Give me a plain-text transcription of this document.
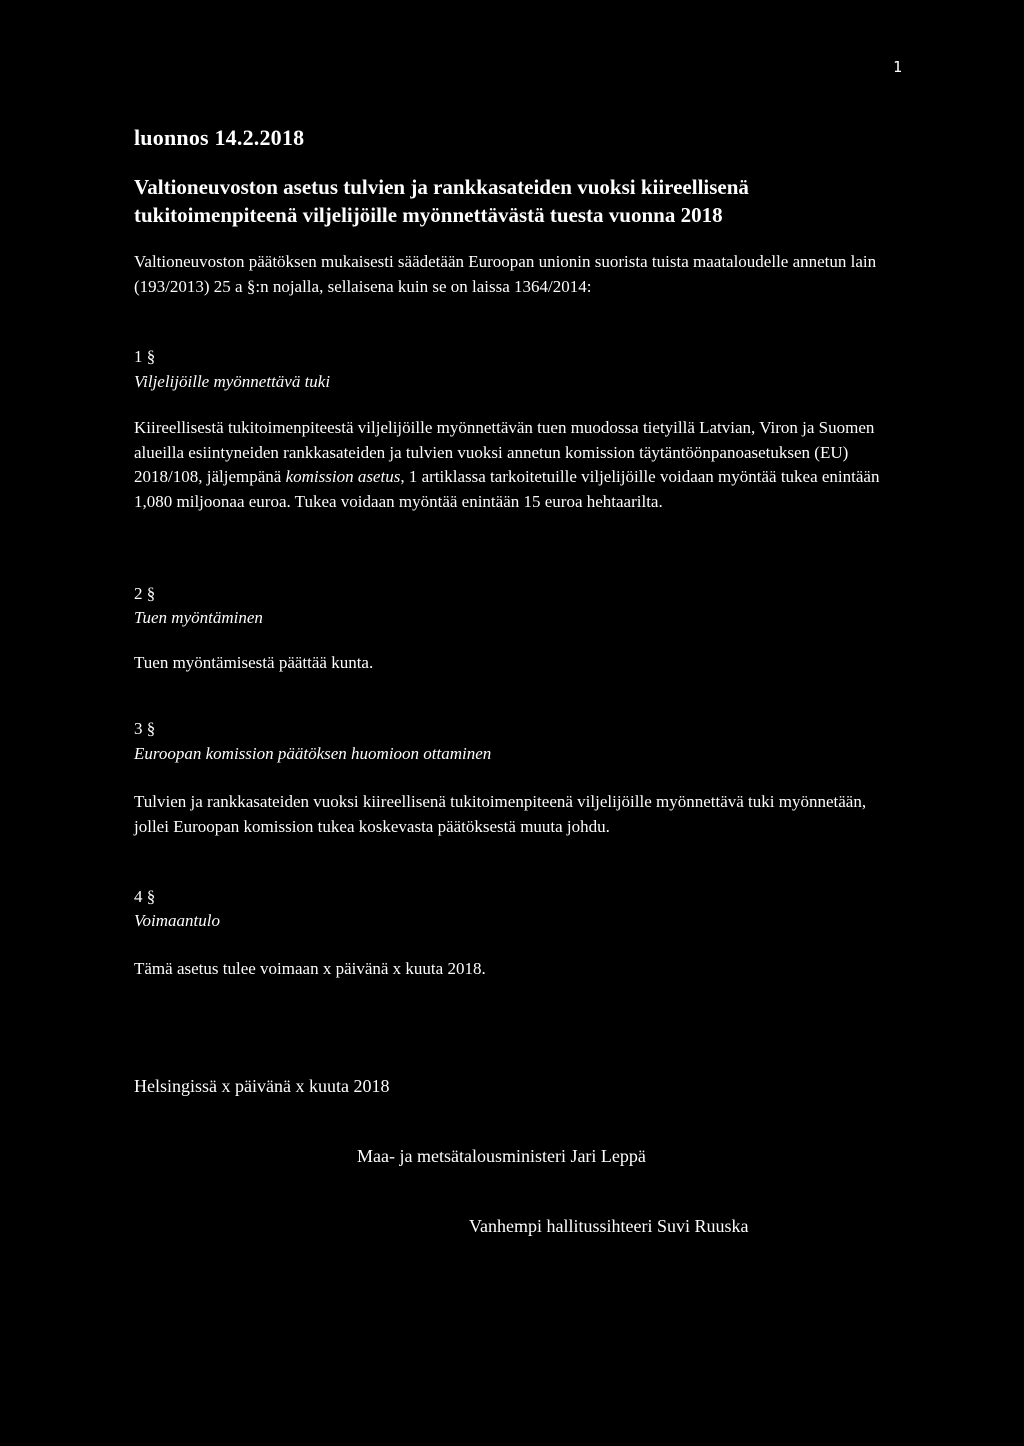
1
luonnos 14.2.2018
Valtioneuvoston asetus tulvien ja rankkasateiden vuoksi kiireellisenä tukitoimenpiteenä viljelijöille myönnettävästä tuesta vuonna 2018

Valtioneuvoston päätöksen mukaisesti säädetään Euroopan unionin suorista tuista maataloudelle annetun lain (193/2013) 25 a §:n nojalla, sellaisena kuin se on laissa 1364/2014:

1 §
Viljelijöille myönnettävä tuki

Kiireellisestä tukitoimenpiteestä viljelijöille myönnettävän tuen muodossa tietyillä Latvian, Viron ja Suomen alueilla esiintyneiden rankkasateiden ja tulvien vuoksi annetun komission täytäntöönpanoasetuksen (EU) 2018/108, jäljempänä komission asetus, 1 artiklassa tarkoitetuille viljelijöille voidaan myöntää tukea enintään 1,080 miljoonaa euroa. Tukea voidaan myöntää enintään 15 euroa hehtaarilta.

2 §
Tuen myöntäminen

Tuen myöntämisestä päättää kunta.

3 §
Euroopan komission päätöksen huomioon ottaminen

Tulvien ja rankkasateiden vuoksi kiireellisenä tukitoimenpiteenä viljelijöille myönnettävä tuki myönnetään, jollei Euroopan komission tukea koskevasta päätöksestä muuta johdu.

4 §
Voimaantulo

Tämä asetus tulee voimaan x päivänä x kuuta 2018.

Helsingissä x päivänä x kuuta 2018
Maa- ja metsätalousministeri Jari Leppä
Vanhempi hallitussihteeri Suvi Ruuska
